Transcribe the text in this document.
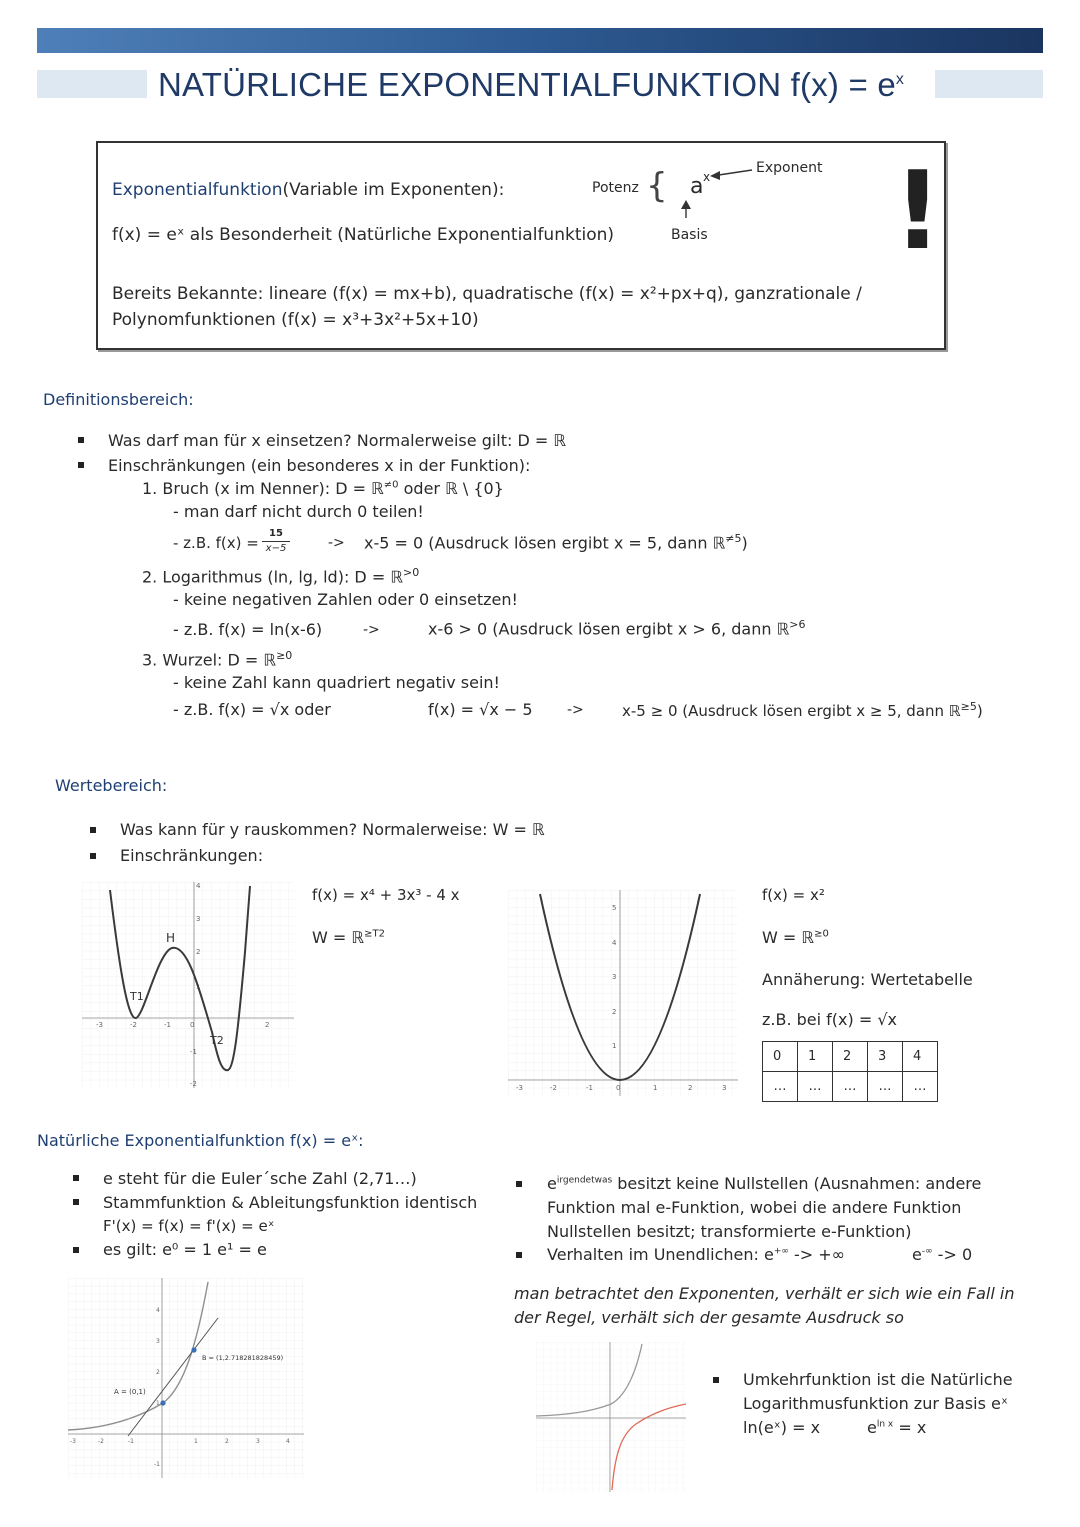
NATÜRLICHE EXPONENTIALFUNKTION $f(x) = e^x$
Exponentialfunktion(Variable im Exponenten):
f(x) = eˣ als Besonderheit (Natürliche Exponentialfunktion)
Potenz { a x
Exponent
Basis !
Bereits Bekannte: lineare (f(x) = mx+b), quadratische (f(x) = x²+px+q), ganzrationale /
Polynomfunktionen (f(x) = x³+3x²+5x+10)
Definitionsbereich:
Was darf man für x einsetzen? Normalerweise gilt: D = ℝ
Einschränkungen (ein besonderes x in der Funktion):
1. Bruch (x im Nenner): D = ℝ$^{\ne 0}$ oder ℝ \ {0}
- man darf nicht durch 0 teilen!
- z.B. $f(x) = \frac{15}{x-5}$	-> x-5 = 0 (Ausdruck lösen ergibt x = 5, dann ℝ$^{\ne 5}$)
2. Logarithmus (ln, lg, ld): D = ℝ$^{>0}$
- keine negativen Zahlen oder 0 einsetzen!
- z.B. f(x) = ln(x-6)	->	x-6 > 0 (Ausdruck lösen ergibt x > 6, dann ℝ$^{>6}$
3. Wurzel: D = ℝ$^{\ge 0}$
- keine Zahl kann quadriert negativ sein!
- z.B. f(x) = √x oder	f(x) = √x − 5 ->	x-5 ≥ 0 (Ausdruck lösen ergibt x ≥ 5, dann ℝ$^{\ge 5}$)
Wertebereich:
Was kann für y rauskommen? Normalerweise: W = ℝ
Einschränkungen:
-3	-2	-1	0	2
4
3
2
1
-1
-2
H
T1
T2
f(x) = x⁴ + 3x³ - 4 x
W = ℝ$^{\ge T2}$
-3	-2	-1	0	1	2	3
5
4
3
2
1
f(x) = x²
W = ℝ$^{\ge 0}$
Annäherung: Wertetabelle
z.B. bei f(x) = √x
0	1	2	3	4
…	…	…	…	…
Natürliche Exponentialfunktion f(x) = eˣ:
e steht für die Euler´sche Zahl (2,71…)
Stammfunktion & Ableitungsfunktion identisch
F'(x) = f(x) = f'(x) = eˣ
es gilt: e⁰ = 1 e¹ = e
-3	-2	-1	1	2	3	4
4
3
2
1
-1
A = (0,1)
B = (1,2.718281828459)
$e^{irgendetwas}$ besitzt keine Nullstellen (Ausnahmen: andere
Funktion mal e-Funktion, wobei die andere Funktion
Nullstellen besitzt; transformierte e-Funktion)
Verhalten im Unendlichen: e+∞ -> +∞	e-∞ -> 0
man betrachtet den Exponenten, verhält er sich wie ein Fall in
der Regel, verhält sich der gesamte Ausdruck so
Umkehrfunktion ist die Natürliche
Logarithmusfunktion zur Basis eˣ
ln(eˣ) = x	$e^{ln x} = x$
